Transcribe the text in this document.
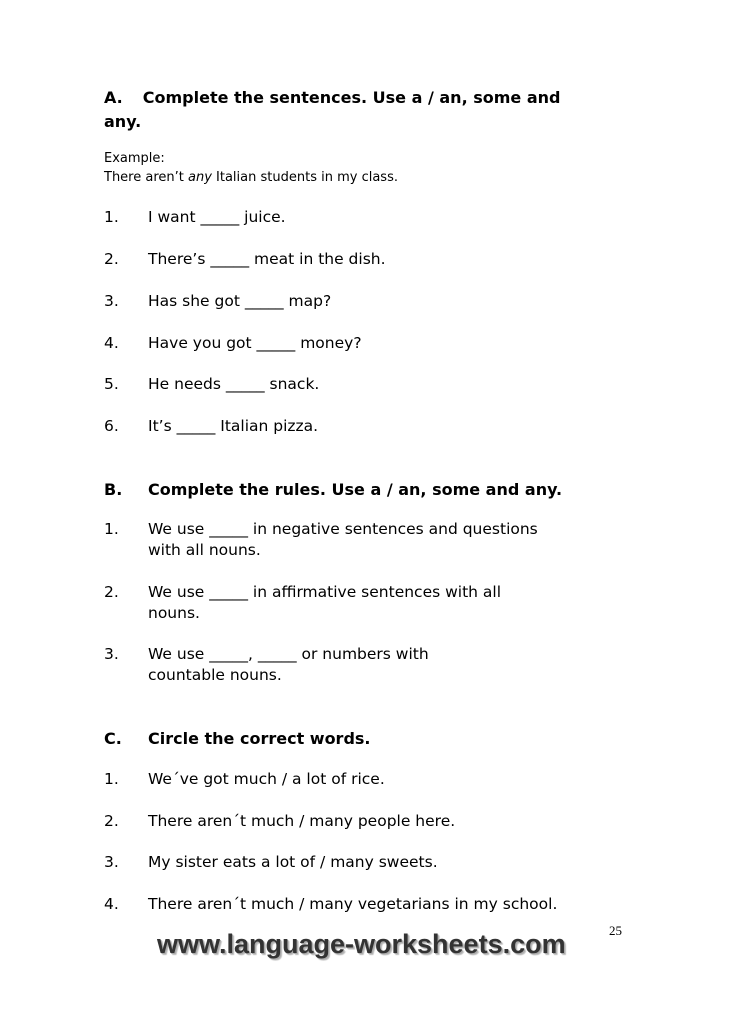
A. Complete the sentences. Use a / an, some and
any.
Example:
There aren’t any Italian students in my class.
1. I want _____ juice.
2. There’s _____ meat in the dish.
3. Has she got _____ map?
4. Have you got _____ money?
5. He needs _____ snack.
6. It’s _____ Italian pizza.
B. Complete the rules. Use a / an, some and any.
1. We use _____ in negative sentences and questions
with all nouns.
2. We use _____ in affirmative sentences with all
nouns.
3. We use _____, _____ or numbers with
countable nouns.
C. Circle the correct words.
1. We´ve got much / a lot of rice.
2. There aren´t much / many people here.
3. My sister eats a lot of / many sweets.
4. There aren´t much / many vegetarians in my school.
25
www.language-worksheets.com
